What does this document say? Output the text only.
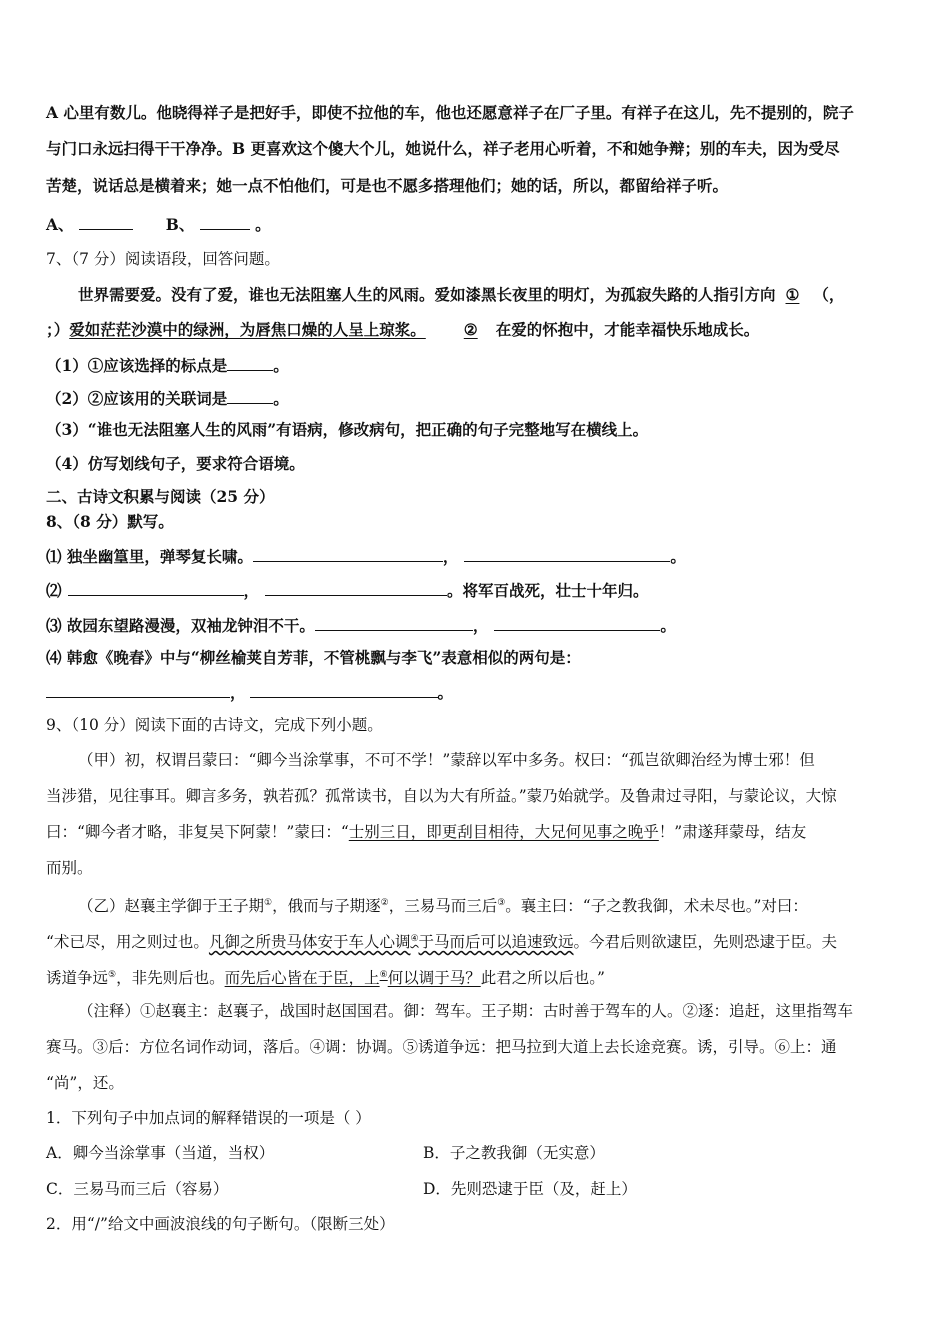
A 心里有数儿。他晓得祥子是把好手，即使不拉他的车，他也还愿意祥子在厂子里。有祥子在这儿，先不提别的，院子
与门口永远扫得干干净净。B 更喜欢这个傻大个儿，她说什么，祥子老用心听着，不和她争辩；别的车夫，因为受尽
苦楚，说话总是横着来；她一点不怕他们，可是也不愿多搭理他们；她的话，所以，都留给祥子听。
A、	B、	。
7、（7 分）阅读语段，回答问题。
世界需要爱。没有了爱，谁也无法阻塞人生的风雨。爱如漆黑长夜里的明灯，为孤寂失路的人指引方向 ① （，
；）爱如茫茫沙漠中的绿洲，为唇焦口燥的人呈上琼浆。 ② 在爱的怀抱中，才能幸福快乐地成长。
（1）①应该选择的标点是	。
（2）②应该用的关联词是	。
（3）“谁也无法阻塞人生的风雨”有语病，修改病句，把正确的句子完整地写在横线上。
（4）仿写划线句子，要求符合语境。
二、古诗文积累与阅读（25 分）
8、（8 分）默写。
⑴ 独坐幽篁里，弹琴复长啸。	，	。
⑵	，	。将军百战死，壮士十年归。
⑶ 故园东望路漫漫，双袖龙钟泪不干。	，	。
⑷ 韩愈《晚春》中与“柳丝榆荚自芳菲，不管桃飘与李飞”表意相似的两句是：
，	。
9、（10 分）阅读下面的古诗文，完成下列小题。
（甲）初，权谓吕蒙曰：“卿今当涂掌事，不可不学！”蒙辞以军中多务。权曰：“孤岂欲卿治经为博士邪！但
当涉猎，见往事耳。卿言多务，孰若孤？孤常读书，自以为大有所益。”蒙乃始就学。及鲁肃过寻阳，与蒙论议，大惊
曰：“卿今者才略，非复吴下阿蒙！”蒙曰：“士别三日，即更刮目相待，大兄何见事之晚乎！”肃遂拜蒙母，结友
而别。
（乙）赵襄主学御于王子期①，俄而与子期逐②，三易马而三后③。襄主曰：“子之教我御，术未尽也。”对曰：
“术已尽，用之则过也。凡御之所贵马体安于车人心调④于马而后可以追速致远。今君后则欲逮臣，先则恐逮于臣。夫
诱道争远⑤，非先则后也。而先后心皆在于臣，上⑥何以调于马？此君之所以后也。”
（注释）①赵襄主：赵襄子，战国时赵国国君。御：驾车。王子期：古时善于驾车的人。②逐：追赶，这里指驾车
赛马。③后：方位名词作动词，落后。④调：协调。⑤诱道争远：把马拉到大道上去长途竞赛。诱，引导。⑥上：通
“尚”，还。
1．下列句子中加点词的解释错误的一项是（ ）
A．卿今当涂掌事（当道，当权）	B．子之教我御（无实意）
C．三易马而三后（容易）	D．先则恐逮于臣（及，赶上）
2．用“/”给文中画波浪线的句子断句。（限断三处）
